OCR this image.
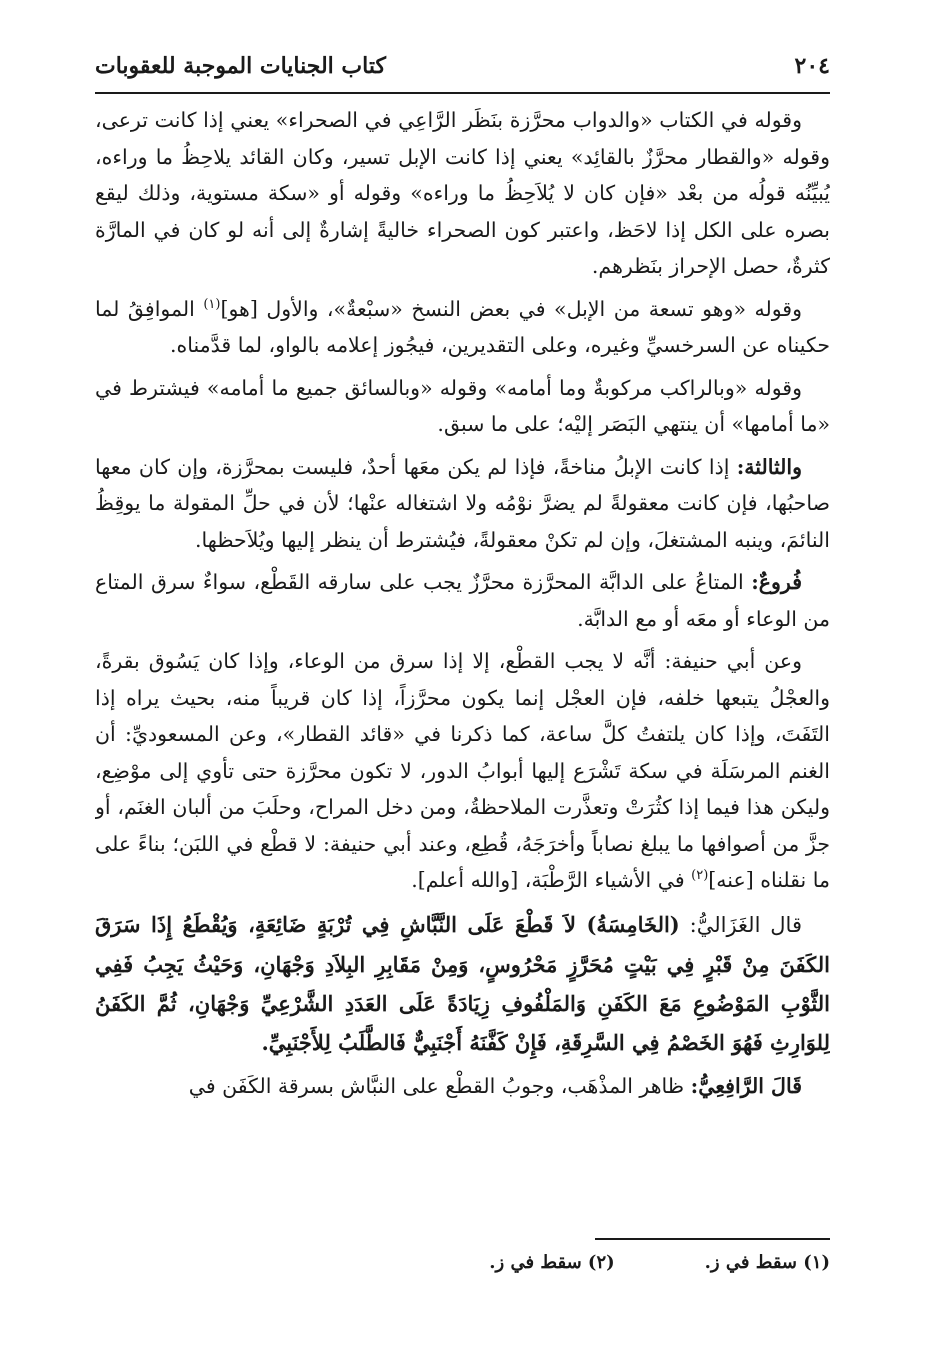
٢٠٤
كتاب الجنايات الموجبة للعقوبات

وقوله في الكتاب «والدواب محرَّزة بنَظَر الرَّاعِي في الصحراء» يعني إذا كانت ترعى، وقوله «والقطار محرَّزٌ بالقائِد» يعني إذا كانت الإبل تسير، وكان القائد يلاحِظُ ما وراءه، يُبيِّنُه قولُه من بعْد «فإن كان لا يُلاَحِظُ ما وراءه» وقوله أو «سكة مستوية، وذلك ليقع بصره على الكل إذا لاحَظ، واعتبر كون الصحراء خاليةً إشارةٌ إلى أنه لو كان في المارَّة كثرةٌ، حصل الإحراز بنَظرهم.

وقوله «وهو تسعة من الإبل» في بعض النسخ «سبْعةٌ»، والأول [هو]$^{(١)}$ الموافِقُ لما حكيناه عن السرخسيِّ وغيره، وعلى التقديرين، فيجُوز إعلامه بالواو، لما قدَّمناه.

وقوله «وبالراكب مركوبةٌ وما أمامه» وقوله «وبالسائق جميع ما أمامه» فيشترط في «ما أمامها» أن ينتهي البَصَر إليْه؛ على ما سبق.

والثالثة: إذا كانت الإبلُ مناخةً، فإذا لم يكن معَها أحدٌ، فليست بمحرَّزة، وإن كان معها صاحبُها، فإن كانت معقولةً لم يضرَّ نوْمُه ولا اشتغاله عنْها؛ لأن في حلِّ المقولة ما يوقِظُ النائمَ، وينبه المشتغلَ، وإن لم تكنْ معقولةً، فيُشترط أن ينظر إليها ويُلاَحظها.

فُروعٌ: المتاعُ على الدابَّة المحرَّزة محرَّزٌ يجب على سارقه القَطْع، سواءٌ سرق المتاع من الوعاء أو معَه أو مع الدابَّة.

وعن أبي حنيفة: أنَّه لا يجب القطْع، إلا إذا سرق من الوعاء، وإذا كان يَسُوق بقرةً، والعجْلُ يتبعها خلفه، فإن العجْل إنما يكون محرَّزاً، إذا كان قريباً منه، بحيث يراه إذا التَفَتَ، وإذا كان يلتفتُ كلَّ ساعة، كما ذكرنا في «قائد القطار»، وعن المسعوديِّ: أن الغنم المرسَلَة في سكة تَشْرَع إليها أبوابُ الدور، لا تكون محرَّزة حتى تأوي إلى موْضِع، وليكن هذا فيما إذا كثُرَتْ وتعذَّرت الملاحظةُ، ومن دخل المراح، وحلَبَ من ألبان الغنَم، أو جزَّ من أصوافها ما يبلغ نصاباً وأخرَجَهُ، قُطِع، وعند أبي حنيفة: لا قطْع في اللبَن؛ بناءً على ما نقلناه [عنه]$^{(٢)}$ في الأشياء الرَّطْبَة، [والله أعلم].

قال الغَزَاليُّ: (الخَامِسَةُ) لاَ قَطْعَ عَلَى النَّبَّاشِ فِي تُرْبَةٍ ضَائِعَةٍ، وَيُقْطَعُ إِذَا سَرَقَ الكَفَنَ مِنْ قَبْرٍ فِي بَيْتٍ مُحَرَّزٍ مَحْرُوسٍ، وَمِنْ مَقَابِرِ البِلاَدِ وَجْهَانِ، وَحَيْثُ يَجِبُ فَفِي الثَّوْبِ المَوْضُوعِ مَعَ الكَفَنِ وَالمَلْفُوفِ زِيَادَةً عَلَى العَدَدِ الشَّرْعِيِّ وَجْهَانِ، ثُمَّ الكَفَنُ لِلوَارِثِ فَهُوَ الخَصْمُ فِي السَّرِقَةِ، فَإِنْ كَفَّنَهُ أَجْنَبِيٌّ فَالطَّلَبُ لِلأَجْنَبِيِّ.

قَالَ الرَّافِعِيُّ: ظاهر المذْهَب، وجوبُ القطْع على النبَّاش بسرقة الكَفَن في

(١) سقط في ز.
(٢) سقط في ز.
